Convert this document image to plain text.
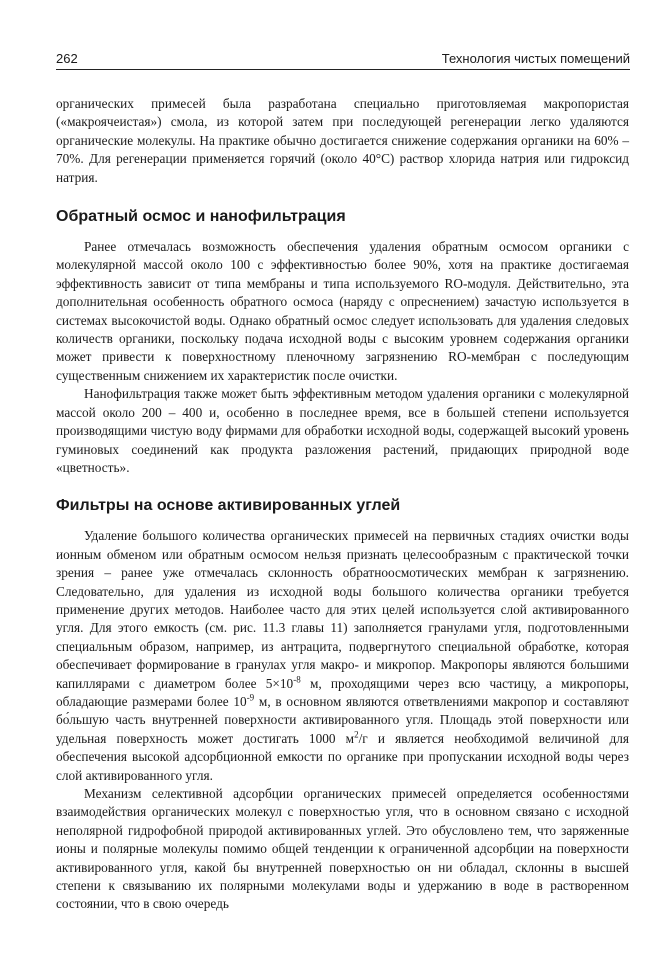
262	Технология чистых помещений

органических примесей была разработана специально приготовляемая макропористая («макроячеистая») смола, из которой затем при последующей регенерации легко удаляются органические молекулы. На практике обычно достигается снижение содержания органики на 60% – 70%. Для регенерации применяется горячий (около 40°С) раствор хлорида натрия или гидроксид натрия.

Обратный осмос и нанофильтрация

Ранее отмечалась возможность обеспечения удаления обратным осмосом органики с молекулярной массой около 100 с эффективностью более 90%, хотя на практике достигаемая эффективность зависит от типа мембраны и типа используемого RO-модуля. Действительно, эта дополнительная особенность обратного осмоса (наряду с опреснением) зачастую используется в системах высокочистой воды. Однако обратный осмос следует использовать для удаления следовых количеств органики, поскольку подача исходной воды с высоким уровнем содержания органики может привести к поверхностному пленочному загрязнению RO-мембран с последующим существенным снижением их характеристик после очистки.

Нанофильтрация также может быть эффективным методом удаления органики с молекулярной массой около 200 – 400 и, особенно в последнее время, все в большей степени используется производящими чистую воду фирмами для обработки исходной воды, содержащей высокий уровень гуминовых соединений как продукта разложения растений, придающих природной воде «цветность».

Фильтры на основе активированных углей

Удаление большого количества органических примесей на первичных стадиях очистки воды ионным обменом или обратным осмосом нельзя признать целесообразным с практической точки зрения – ранее уже отмечалась склонность обратноосмотических мембран к загрязнению. Следовательно, для удаления из исходной воды большого количества органики требуется применение других методов. Наиболее часто для этих целей используется слой активированного угля. Для этого емкость (см. рис. 11.3 главы 11) заполняется гранулами угля, подготовленными специальным образом, например, из антрацита, подвергнутого специальной обработке, которая обеспечивает формирование в гранулах угля макро- и микропор. Макропоры являются большими капиллярами с диаметром более $5\times 10^{-8}$ м, проходящими через всю частицу, а микропоры, обладающие размерами более $10^{-9}$ м, в основном являются ответвлениями макропор и составляют бо́льшую часть внутренней поверхности активированного угля. Площадь этой поверхности или удельная поверхность может достигать 1000 $м^2/г$ и является необходимой величиной для обеспечения высокой адсорбционной емкости по органике при пропускании исходной воды через слой активированного угля.

Механизм селективной адсорбции органических примесей определяется особенностями взаимодействия органических молекул с поверхностью угля, что в основном связано с исходной неполярной гидрофобной природой активированных углей. Это обусловлено тем, что заряженные ионы и полярные молекулы помимо общей тенденции к ограниченной адсорбции на поверхности активированного угля, какой бы внутренней поверхностью он ни обладал, склонны в высшей степени к связыванию их полярными молекулами воды и удержанию в воде в растворенном состоянии, что в свою очередь
